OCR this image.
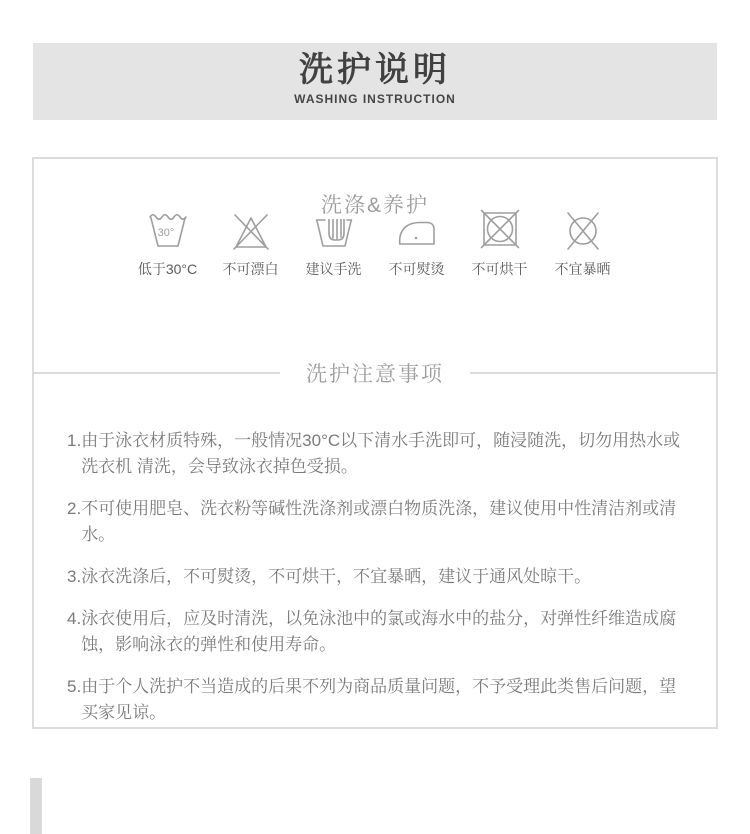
洗护说明
WASHING INSTRUCTION
洗涤&养护
30°
低于30°C 不可漂白 建议手洗 不可熨烫 不可烘干 不宜暴晒
洗护注意事项
1. 由于泳衣材质特殊，一般情况30°C以下清水手洗即可，随浸随洗，切勿用热水或洗衣机 清洗，会导致泳衣掉色受损。
2. 不可使用肥皂、洗衣粉等碱性洗涤剂或漂白物质洗涤，建议使用中性清洁剂或清水。
3. 泳衣洗涤后，不可熨烫，不可烘干，不宜暴晒，建议于通风处晾干。
4. 泳衣使用后，应及时清洗，以免泳池中的氯或海水中的盐分，对弹性纤维造成腐蚀，影响泳衣的弹性和使用寿命。
5. 由于个人洗护不当造成的后果不列为商品质量问题，不予受理此类售后问题，望买家见谅。
